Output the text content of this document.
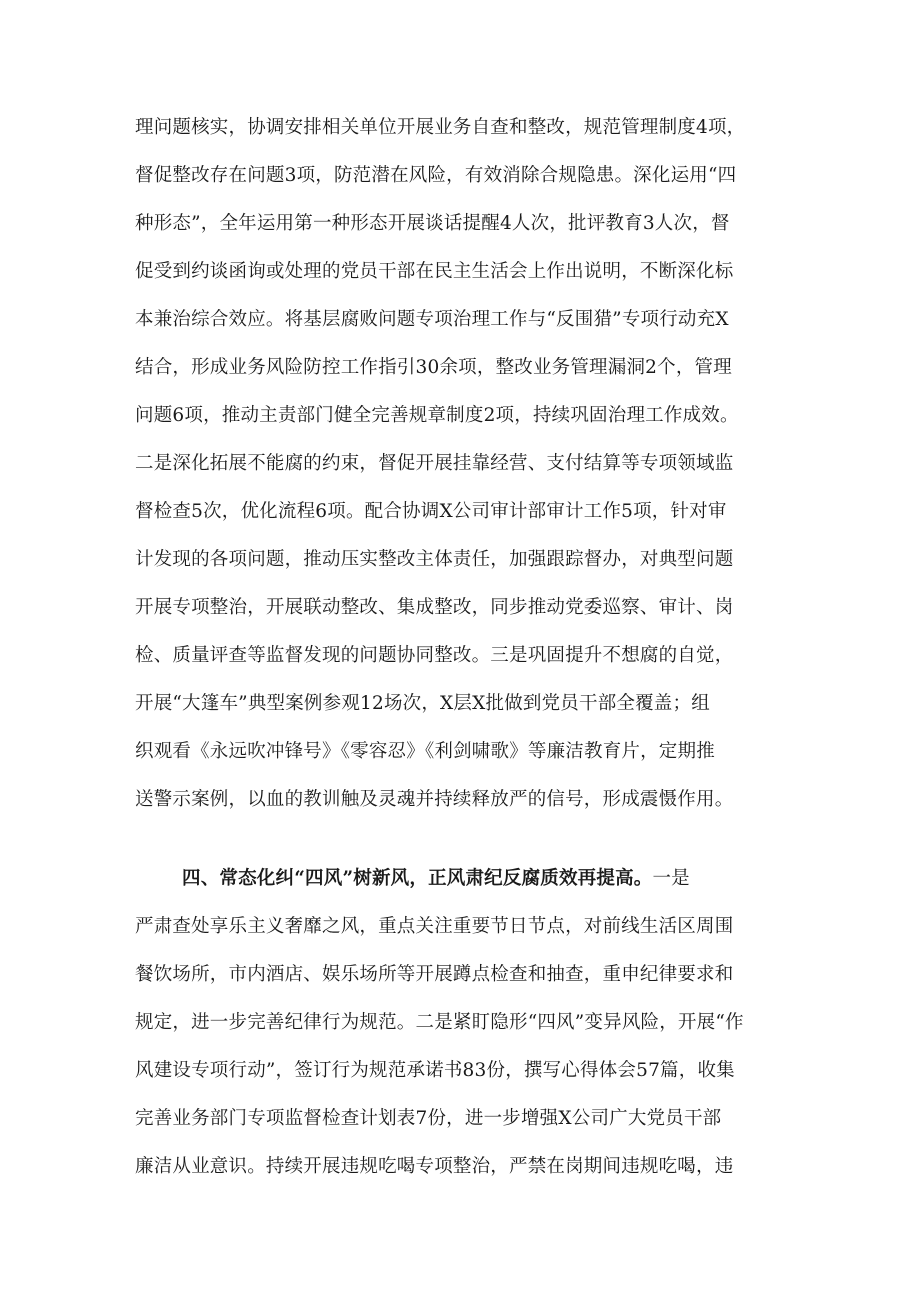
理问题核实，协调安排相关单位开展业务自查和整改，规范管理制度4项，
督促整改存在问题3项，防范潜在风险，有效消除合规隐患。深化运用“四
种形态”，全年运用第一种形态开展谈话提醒4人次，批评教育3人次，督
促受到约谈函询或处理的党员干部在民主生活会上作出说明，不断深化标
本兼治综合效应。将基层腐败问题专项治理工作与“反围猎”专项行动充X
结合，形成业务风险防控工作指引30余项，整改业务管理漏洞2个，管理
问题6项，推动主责部门健全完善规章制度2项，持续巩固治理工作成效。
二是深化拓展不能腐的约束，督促开展挂靠经营、支付结算等专项领域监
督检查5次，优化流程6项。配合协调X公司审计部审计工作5项，针对审
计发现的各项问题，推动压实整改主体责任，加强跟踪督办，对典型问题
开展专项整治，开展联动整改、集成整改，同步推动党委巡察、审计、岗
检、质量评查等监督发现的问题协同整改。三是巩固提升不想腐的自觉，
开展“大篷车”典型案例参观12场次，X层X批做到党员干部全覆盖；组
织观看《永远吹冲锋号》《零容忍》《利剑啸歌》等廉洁教育片，定期推
送警示案例，以血的教训触及灵魂并持续释放严的信号，形成震慑作用。
四、常态化纠“四风”树新风，正风肃纪反腐质效再提高。一是
严肃查处享乐主义奢靡之风，重点关注重要节日节点，对前线生活区周围
餐饮场所，市内酒店、娱乐场所等开展蹲点检查和抽查，重申纪律要求和
规定，进一步完善纪律行为规范。二是紧盯隐形“四风”变异风险，开展“作
风建设专项行动”，签订行为规范承诺书83份，撰写心得体会57篇，收集
完善业务部门专项监督检查计划表7份，进一步增强X公司广大党员干部
廉洁从业意识。持续开展违规吃喝专项整治，严禁在岗期间违规吃喝，违
